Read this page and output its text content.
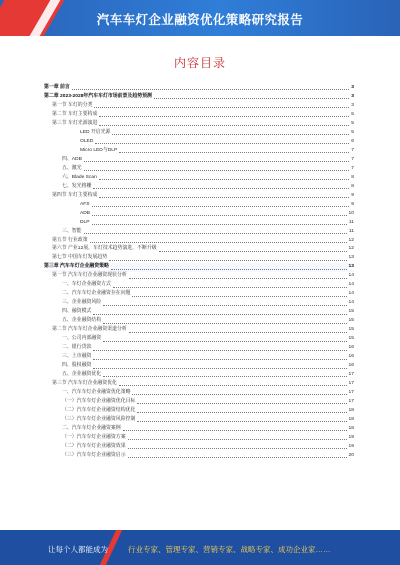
汽车车灯企业融资优化策略研究报告
内容目录
第一章 前言	3
第二章 2023-2028年汽车车灯市场前景及趋势预测	3
第一节 车灯的分类	3
第二节 车灯主要构成	5
第三节 车灯光源演进	5
LED 开启光源	5
OLED	6
Micro LED与DLP	7
四、ADB	7
五、激光	7
六、Blade Scan	8
七、发光格栅	8
第四节 车灯主要构成	9
AFS	9
ADB	10
DLP	11
三、智能	11
第五节 行业政策	12
第六节 产业12展，车灯技术趋势演进，不断升级	12
第七节 中国车灯发展趋势	13
第三章 汽车车灯企业融资策略	13
第一节 汽车车灯企业融资现状分析	14
一、车灯企业融资方式	14
二、汽车车灯企业融资存在问题	14
三、企业融资风险	14
四、融资模式	15
五、企业融资结构	15
第二节 汽车车灯企业融资渠道分析	15
一、公司内部融资	15
二、银行贷款	16
三、上市融资	16
四、股权融资	16
五、企业融资优化	17
第三节 汽车车灯企业融资优化	17
一、汽车车灯企业融资优化策略	17
（一）汽车车灯企业融资优化目标	17
（二）汽车车灯企业融资结构优化	18
（三）汽车车灯企业融资风险控制	18
二、汽车车灯企业融资案例	18
（一）汽车车灯企业融资方案	19
（二）汽车车灯企业融资效果	19
（三）汽车车灯企业融资启示	20
让每个人都能成为	行业专家、管理专家、营销专家、战略专家、成功企业家……
